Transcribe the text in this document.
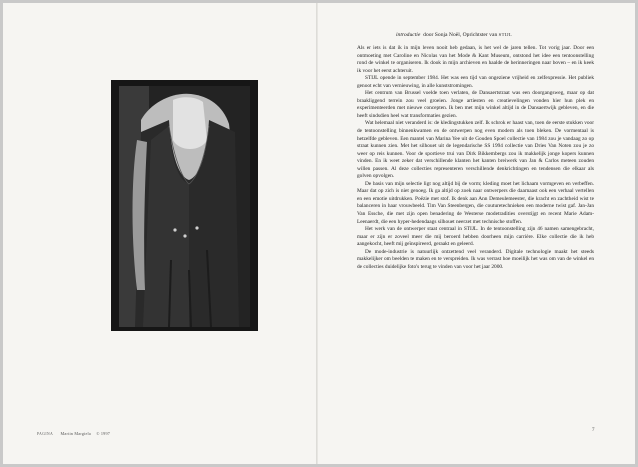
PAGINA Martin Margiela © 1997
introductie door Sonja Noël, Oprichtster van STIJL

Als er iets is dat ik in mijn leven nooit heb gedaan, is het wel de jaren tellen. Tot vorig jaar. Door een ontmoeting met Caroline en Nicolas van het Mode & Kant Museum, ontstond het idee een tentoonstelling rond de winkel te organiseren. Ik dook in mijn archieven en haalde de herinneringen naar boven – en ik keek ik voor het eerst achteruit.

STIJL opende in september 1984. Het was een tijd van ongeziene vrijheid en zelfexpressie. Het publiek genoot echt van vernieuwing, in alle kunststromingen.

Het centrum van Brussel voelde toen verlaten, de Dansaertstraat was een doorgangsweg, maar op dat braakliggend terrein zou veel groeien. Jonge artiesten en creatievelingen vonden hier hun plek en experimenteerden met nieuwe concepten. Ik ben met mijn winkel altijd in de Dansaertwijk gebleven, en die heeft sindsdien heel wat transformaties gezien.

Wat helemaal niet veranderd is: de kledingstukken zelf. Ik schrok er haast van, toen de eerste stukken voor de tentoonstelling binnenkwamen en de ontwerpen nog even modern als toen bleken. De vormentaal is hetzelfde gebleven. Een mantel van Marina Yee uit de Gouden Spoel collectie van 1984 zou je vandaag zo op straat kunnen zien. Met het silhouet uit de legendarische SS 1994 collectie van Dries Van Noten zou je zo weer op reis kunnen. Voor de sportieve trui van Dirk Bikkembergs zou ik makkelijk jonge kopers kunnen vinden. En ik weet zeker dat verschillende klanten het kanten breiwerk van Jan & Carlos meteen zouden willen passen. Al deze collecties representeren verschillende denkrichtingen en tendensen die elkaar als golven opvolgen.

De basis van mijn selectie ligt nog altijd bij de vorm; kleding moet het lichaam vormgeven en verbeffen. Maar dat op zich is niet genoeg. Ik ga altijd op zoek naar ontwerpers die daarnaast ook een verhaal vertellen en een emotie uitdrukken. Poëzie met stof. Ik denk aan Ann Demeulemeester, die kracht en zachtheid wist te balanceren in haar vrouwbeeld. Tim Van Steenbergen, die couturetechnieken een moderne twist gaf. Jan-Jan Van Essche, die met zijn open benadering de Westerse modetradities overstijgt en recent Marie Adam-Leenaerdt, die een hyper-hedendaags silhouet neerzet met technische stoffen.

Het werk van de ontwerper staat centraal in STIJL. In de tentoonstelling zijn 46 namen samengebracht, maar er zijn er zoveel meer die mij beroerd hebben doorheen mijn carrière. Elke collectie die ik heb aangekocht, heeft mij geïnspireerd, geraakt en geleerd.

De mode-industrie is natuurlijk ontzettend veel veranderd. Digitale technologie maakt het steeds makkelijker om beelden te maken en te verspreiden. Ik was verrast hoe moeilijk het was om van de winkel en de collecties duidelijke foto's terug te vinden van voor het jaar 2000.

7
